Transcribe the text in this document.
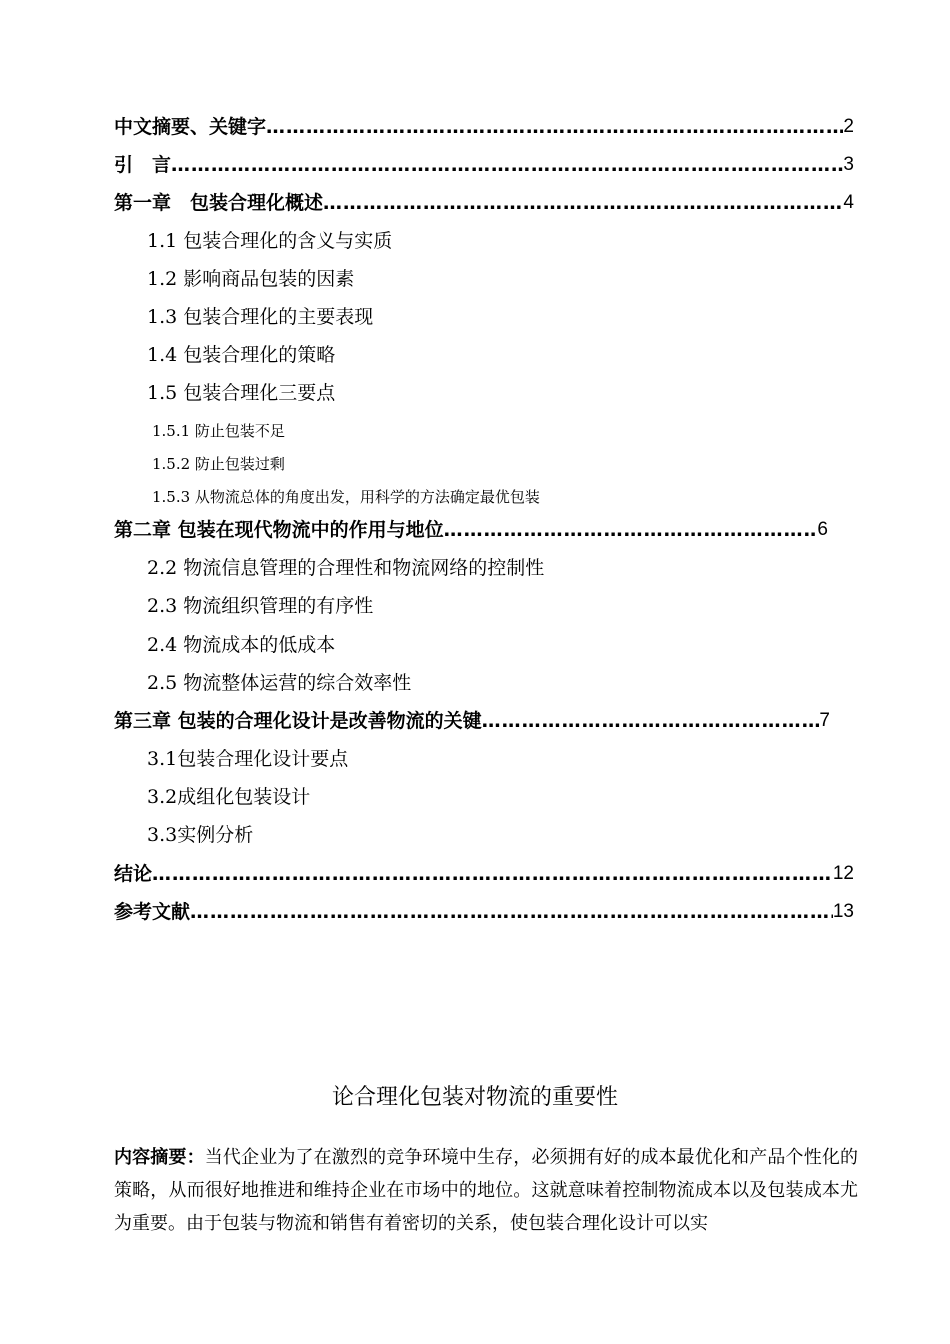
中文摘要、关键字 …………………………………………………………………………………………………………………………………………………………………………………………	2
引　言 …………………………………………………………………………………………………………………………………………………………………………………………	3
第一章　包装合理化概述 …………………………………………………………………………………………………………………………………………………………………………………………	4
1.1 包装合理化的含义与实质
1.2 影响商品包装的因素
1.3 包装合理化的主要表现
1.4 包装合理化的策略
1.5 包装合理化三要点
1.5.1 防止包装不足
1.5.2 防止包装过剩
1.5.3 从物流总体的角度出发，用科学的方法确定最优包装
第二章 包装在现代物流中的作用与地位 …………………………………………………………………………………………………………………………………………………………………………………………	6
2.2 物流信息管理的合理性和物流网络的控制性
2.3 物流组织管理的有序性
2.4 物流成本的低成本
2.5 物流整体运营的综合效率性
第三章 包装的合理化设计是改善物流的关键 …………………………………………………………………………………………………………………………………………………………………………………………	7
3.1包装合理化设计要点
3.2成组化包装设计
3.3实例分析
结论 …………………………………………………………………………………………………………………………………………………………………………………………	12
参考文献 …………………………………………………………………………………………………………………………………………………………………………………………	13
论合理化包装对物流的重要性
内容摘要：当代企业为了在激烈的竞争环境中生存，必须拥有好的成本最优化和产品个性化的策略，从而很好地推进和维持企业在市场中的地位。这就意味着控制物流成本以及包装成本尤为重要。由于包装与物流和销售有着密切的关系，使包装合理化设计可以实
